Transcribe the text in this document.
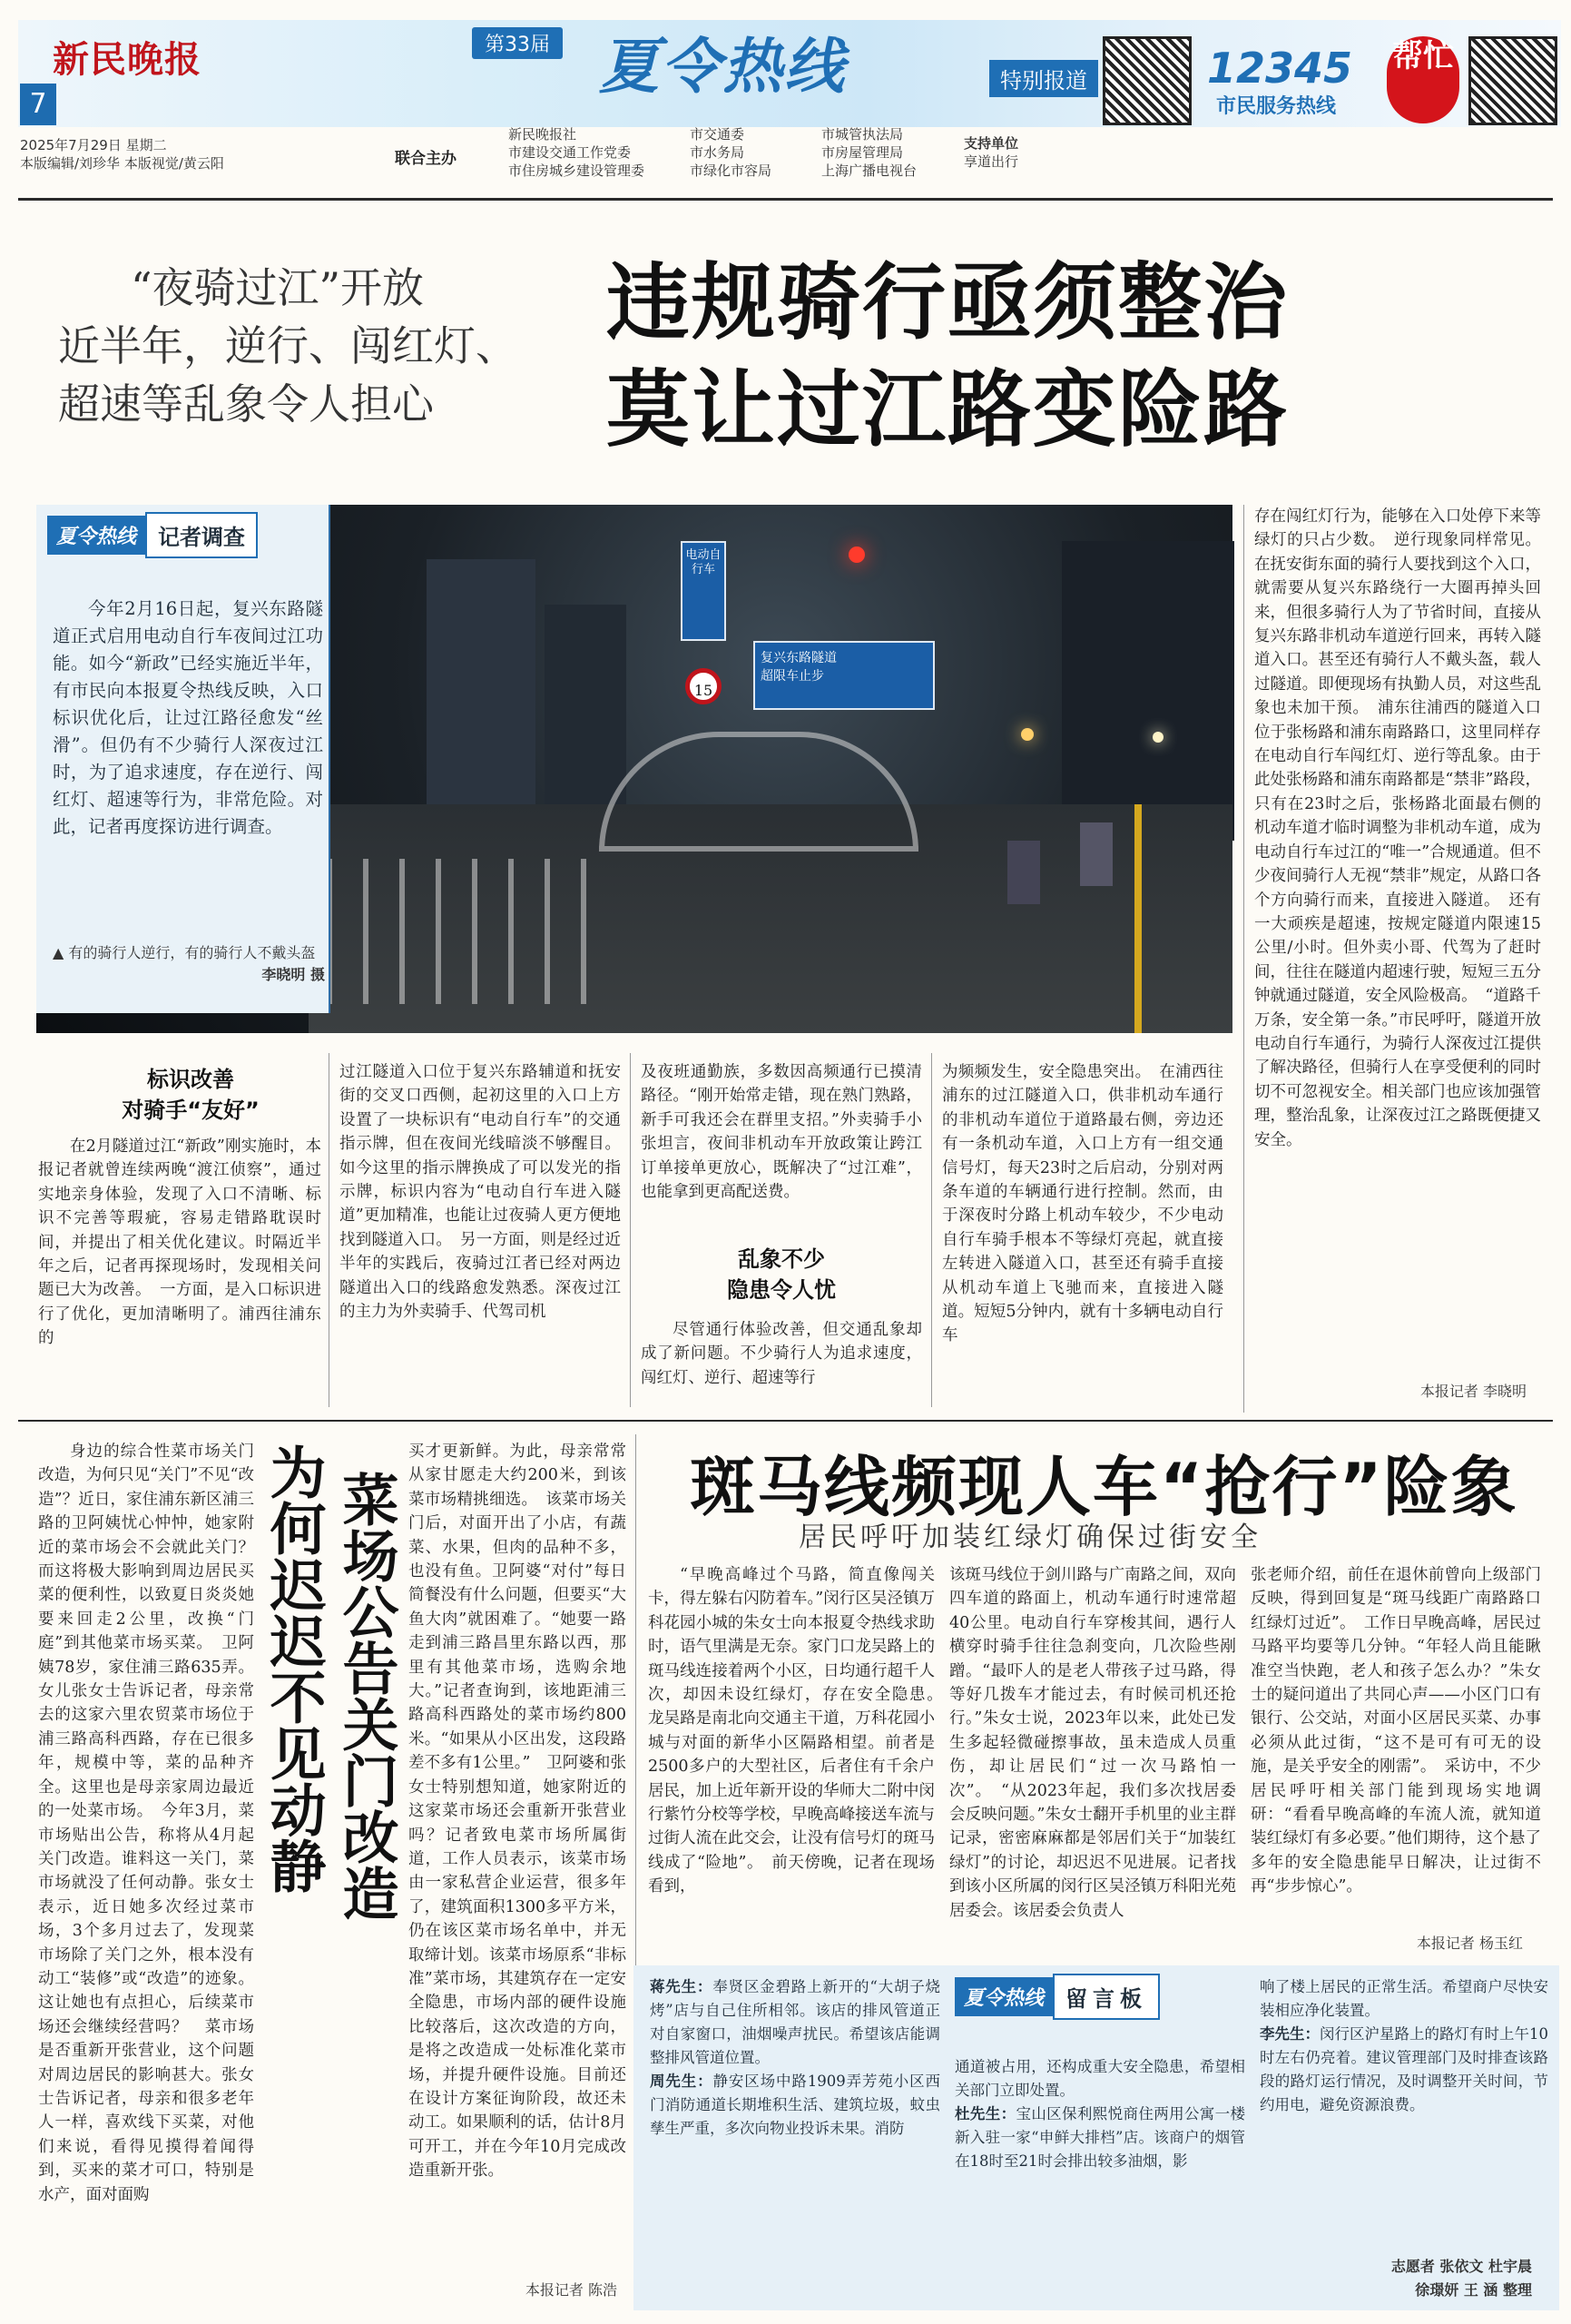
新民晚报
7
第33届 夏令热线	特别报道	12345
市民服务热线
帮忙
2025年7月29日 星期二
本版编辑/刘珍华 本版视觉/黄云阳	联合主办
新民晚报社
市建设交通工作党委
市住房城乡建设管理委
市交通委
市水务局
市绿化市容局
市城管执法局
市房屋管理局
上海广播电视台
支持单位
享道出行
“夜骑过江”开放
近半年，逆行、闯红灯、
超速等乱象令人担心
违规骑行亟须整治
莫让过江路变险路
电动自行车
复兴东路隧道
超限车止步
15
夏令热线	记者调查
今年2月16日起，复兴东路隧道正式启用电动自行车夜间过江功能。如今“新政”已经实施近半年，有市民向本报夏令热线反映，入口标识优化后，让过江路径愈发“丝滑”。但仍有不少骑行人深夜过江时，为了追求速度，存在逆行、闯红灯、超速等行为，非常危险。对此，记者再度探访进行调查。
▲ 有的骑行人逆行，有的骑行人不戴头盔
李晓明 摄
标识改善
对骑手“友好”
在2月隧道过江“新政”刚实施时，本报记者就曾连续两晚“渡江侦察”，通过实地亲身体验，发现了入口不清晰、标识不完善等瑕疵，容易走错路耽误时间，并提出了相关优化建议。时隔近半年之后，记者再探现场时，发现相关问题已大为改善。　一方面，是入口标识进行了优化，更加清晰明了。浦西往浦东的
过江隧道入口位于复兴东路辅道和抚安街的交叉口西侧，起初这里的入口上方设置了一块标识有“电动自行车”的交通指示牌，但在夜间光线暗淡不够醒目。如今这里的指示牌换成了可以发光的指示牌，标识内容为“电动自行车进入隧道”更加精准，也能让过夜骑人更方便地找到隧道入口。　另一方面，则是经过近半年的实践后，夜骑过江者已经对两边隧道出入口的线路愈发熟悉。深夜过江的主力为外卖骑手、代驾司机
及夜班通勤族，多数因高频通行已摸清路径。“刚开始常走错，现在熟门熟路，新手可我还会在群里支招。”外卖骑手小张坦言，夜间非机动车开放政策让跨江订单接单更放心，既解决了“过江难”，也能拿到更高配送费。
乱象不少
隐患令人忧
尽管通行体验改善，但交通乱象却成了新问题。不少骑行人为追求速度，闯红灯、逆行、超速等行
为频频发生，安全隐患突出。　在浦西往浦东的过江隧道入口，供非机动车通行的非机动车道位于道路最右侧，旁边还有一条机动车道，入口上方有一组交通信号灯，每天23时之后启动，分别对两条车道的车辆通行进行控制。然而，由于深夜时分路上机动车较少，不少电动自行车骑手根本不等绿灯亮起，就直接左转进入隧道入口，甚至还有骑手直接从机动车道上飞驰而来，直接进入隧道。短短5分钟内，就有十多辆电动自行车
存在闯红灯行为，能够在入口处停下来等绿灯的只占少数。　逆行现象同样常见。在抚安街东面的骑行人要找到这个入口，就需要从复兴东路绕行一大圈再掉头回来，但很多骑行人为了节省时间，直接从复兴东路非机动车道逆行回来，再转入隧道入口。甚至还有骑行人不戴头盔，载人过隧道。即便现场有执勤人员，对这些乱象也未加干预。　浦东往浦西的隧道入口位于张杨路和浦东南路路口，这里同样存在电动自行车闯红灯、逆行等乱象。由于此处张杨路和浦东南路都是“禁非”路段，只有在23时之后，张杨路北面最右侧的机动车道才临时调整为非机动车道，成为电动自行车过江的“唯一”合规通道。但不少夜间骑行人无视“禁非”规定，从路口各个方向骑行而来，直接进入隧道。　还有一大顽疾是超速，按规定隧道内限速15公里/小时。但外卖小哥、代驾为了赶时间，往往在隧道内超速行驶，短短三五分钟就通过隧道，安全风险极高。　“道路千万条，安全第一条。”市民呼吁，隧道开放电动自行车通行，为骑行人深夜过江提供了解决路径，但骑行人在享受便利的同时切不可忽视安全。相关部门也应该加强管理，整治乱象，让深夜过江之路既便捷又安全。
本报记者 李晓明
身边的综合性菜市场关门改造，为何只见“关门”不见“改造”？近日，家住浦东新区浦三路的卫阿姨忧心忡忡，她家附近的菜市场会不会就此关门？而这将极大影响到周边居民买菜的便利性，以致夏日炎炎她要来回走2公里，改换“门庭”到其他菜市场买菜。　卫阿姨78岁，家住浦三路635弄。女儿张女士告诉记者，母亲常去的这家六里农贸菜市场位于浦三路高科西路，存在已很多年，规模中等，菜的品种齐全。这里也是母亲家周边最近的一处菜市场。　今年3月，菜市场贴出公告，称将从4月起关门改造。谁料这一关门，菜市场就没了任何动静。张女士表示，近日她多次经过菜市场，3个多月过去了，发现菜市场除了关门之外，根本没有动工“装修”或“改造”的迹象。这让她也有点担心，后续菜市场还会继续经营吗？　菜市场是否重新开张营业，这个问题对周边居民的影响甚大。张女士告诉记者，母亲和很多老年人一样，喜欢线下买菜，对他们来说，看得见摸得着闻得到，买来的菜才可口，特别是水产，面对面购
为何迟迟不见动静 菜场公告关门改造
买才更新鲜。为此，母亲常常从家甘愿走大约200米，到该菜市场精挑细选。　该菜市场关门后，对面开出了小店，有蔬菜、水果，但肉的品种不多，也没有鱼。卫阿婆“对付”每日简餐没有什么问题，但要买“大鱼大肉”就困难了。“她要一路走到浦三路昌里东路以西，那里有其他菜市场，选购余地大。”记者查询到，该地距浦三路高科西路处的菜市场约800米。“如果从小区出发，这段路差不多有1公里。”　卫阿婆和张女士特别想知道，她家附近的这家菜市场还会重新开张营业吗？记者致电菜市场所属街道，工作人员表示，该菜市场由一家私营企业运营，很多年了，建筑面积1300多平方米，仍在该区菜市场名单中，并无取缔计划。该菜市场原系“非标准”菜市场，其建筑存在一定安全隐患，市场内部的硬件设施比较落后，这次改造的方向，是将之改造成一处标准化菜市场，并提升硬件设施。目前还在设计方案征询阶段，故还未动工。如果顺利的话，估计8月可开工，并在今年10月完成改造重新开张。
本报记者 陈浩
斑马线频现人车“抢行”险象
居民呼吁加装红绿灯确保过街安全
“早晚高峰过个马路，简直像闯关卡，得左躲右闪防着车。”闵行区吴泾镇万科花园小城的朱女士向本报夏令热线求助时，语气里满是无奈。家门口龙吴路上的斑马线连接着两个小区，日均通行超千人次，却因未设红绿灯，存在安全隐患。　龙吴路是南北向交通主干道，万科花园小城与对面的新华小区隔路相望。前者是2500多户的大型社区，后者住有千余户居民，加上近年新开设的华师大二附中闵行紫竹分校等学校，早晚高峰接送车流与过街人流在此交会，让没有信号灯的斑马线成了“险地”。　前天傍晚，记者在现场看到，
该斑马线位于剑川路与广南路之间，双向四车道的路面上，机动车通行时速常超40公里。电动自行车穿梭其间，遇行人横穿时骑手往往急刹变向，几次险些剐蹭。“最吓人的是老人带孩子过马路，得等好几拨车才能过去，有时候司机还抢行。”朱女士说，2023年以来，此处已发生多起轻微碰擦事故，虽未造成人员重伤，却让居民们“过一次马路怕一次”。　“从2023年起，我们多次找居委会反映问题。”朱女士翻开手机里的业主群记录，密密麻麻都是邻居们关于“加装红绿灯”的讨论，却迟迟不见进展。记者找到该小区所属的闵行区吴泾镇万科阳光苑居委会。该居委会负责人
张老师介绍，前任在退休前曾向上级部门反映，得到回复是“斑马线距广南路路口红绿灯过近”。　工作日早晚高峰，居民过马路平均要等几分钟。“年轻人尚且能瞅准空当快跑，老人和孩子怎么办？”朱女士的疑问道出了共同心声——小区门口有银行、公交站，对面小区居民买菜、办事必须从此过街，“这不是可有可无的设施，是关乎安全的刚需”。　采访中，不少居民呼吁相关部门能到现场实地调研：“看看早晚高峰的车流人流，就知道装红绿灯有多必要。”他们期待，这个悬了多年的安全隐患能早日解决，让过街不再“步步惊心”。
本报记者 杨玉红
蒋先生：奉贤区金碧路上新开的“大胡子烧烤”店与自己住所相邻。该店的排风管道正对自家窗口，油烟噪声扰民。希望该店能调整排风管道位置。
周先生：静安区场中路1909弄芳苑小区西门消防通道长期堆积生活、建筑垃圾，蚊虫孳生严重，多次向物业投诉未果。消防
夏令热线	留言板
通道被占用，还构成重大安全隐患，希望相关部门立即处置。
杜先生：宝山区保利熙悦商住两用公寓一楼新入驻一家“申鲜大排档”店。该商户的烟管在18时至21时会排出较多油烟，影
响了楼上居民的正常生活。希望商户尽快安装相应净化装置。
李先生：闵行区沪星路上的路灯有时上午10时左右仍亮着。建议管理部门及时排查该路段的路灯运行情况，及时调整开关时间，节约用电，避免资源浪费。
志愿者 张依文 杜宇晨
徐璟妍 王 涵 整理
